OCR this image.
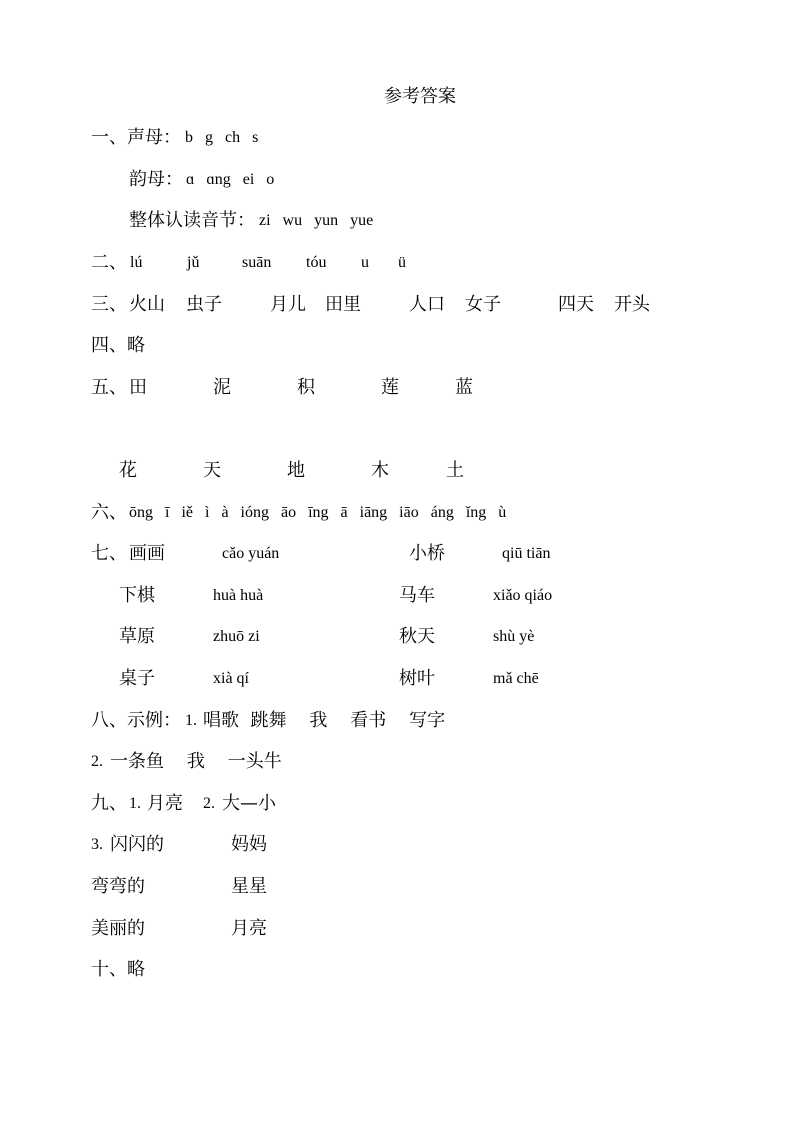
参考答案
一、声母： b   g   ch   s
韵母： ɑ   ɑng   ei   o
整体认读音节： zi   wu   yun   yue
二、 lú	jǔ	suān tóu u ü
三、 火山 虫子	月儿 田里	人口 女子	四天 开头
四、略
五、 田	泥	积	莲	蓝
花	天	地	木	土
六、 ōng  ī  iě  ì  à  ióng  āo  īng  ā  iāng  iāo  áng  ǐng  ù
七、 画画	cǎo yuán	小桥	qiū tiān
下棋	huà huà	马车	xiǎo qiáo
草原	zhuō zi	秋天	shù yè
桌子	xià qí	树叶	mǎ chē
八、示例： 1. 唱歌  跳舞    我    看书    写字
2. 一条鱼    我    一头牛
九、 1. 月亮 2. 大—小
3. 闪闪的	妈妈
弯弯的	星星
美丽的	月亮
十、略
